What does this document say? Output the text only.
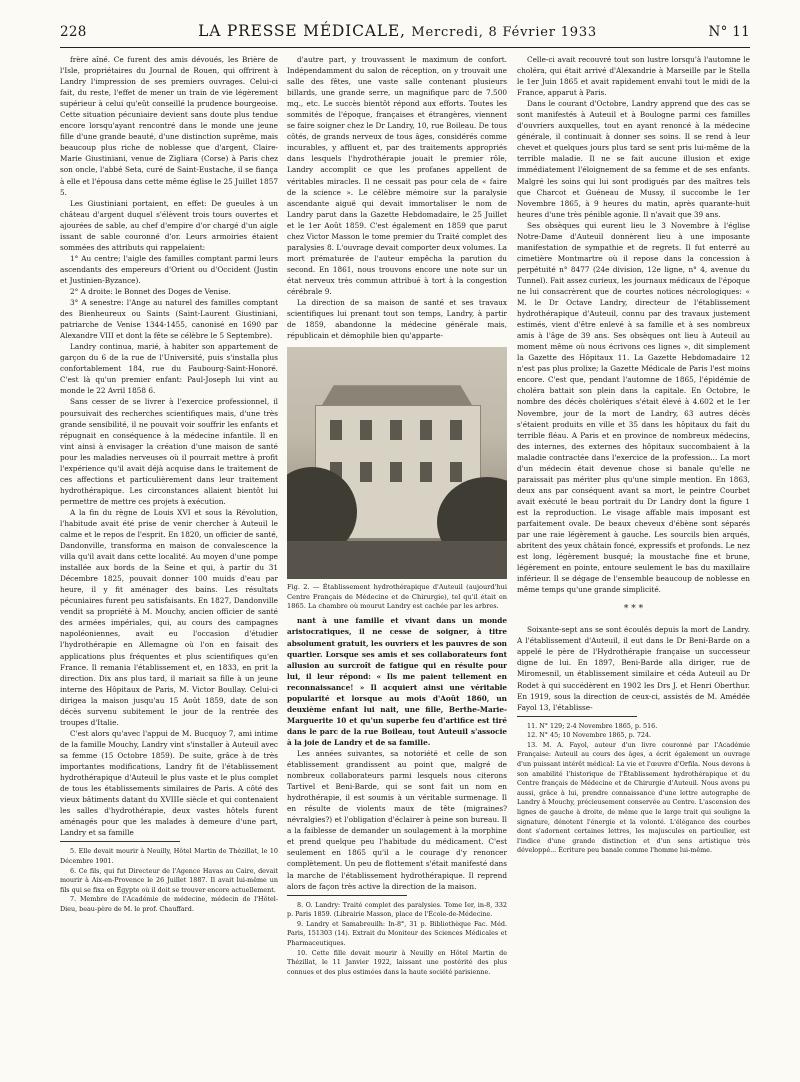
228	LA PRESSE MÉDICALE, Mercredi, 8 Février 1933	N° 11

frère aîné. Ce furent des amis dévoués, les Brière de l'Isle, propriétaires du Journal de Rouen, qui offrirent à Landry l'impression de ses premiers ouvrages. Celui-ci fait, du reste, l'effet de mener un train de vie légèrement supérieur à celui qu'eût conseillé la prudence bourgeoise. Cette situation pécuniaire devient sans doute plus tendue encore lorsqu'ayant rencontré dans le monde une jeune fille d'une grande beauté, d'une distinction suprême, mais beaucoup plus riche de noblesse que d'argent, Claire-Marie Giustiniani, venue de Zigliara (Corse) à Paris chez son oncle, l'abbé Seta, curé de Saint-Eustache, il se fiança à elle et l'épousa dans cette même église le 25 Juillet 1857 5.

Les Giustiniani portaient, en effet: De gueules à un château d'argent duquel s'élèvent trois tours ouvertes et ajourées de sable, au chef d'empire d'or chargé d'un aigle issant de sable couronné d'or. Leurs armoiries étaient sommées des attributs qui rappelaient:

1° Au centre; l'aigle des familles comptant parmi leurs ascendants des empereurs d'Orient ou d'Occident (Justin et Justinien-Byzance).

2° A droite: le Bonnet des Doges de Venise.

3° A senestre: l'Ange au naturel des familles comptant des Bienheureux ou Saints (Saint-Laurent Giustiniani, patriarche de Venise 1344-1455, canonisé en 1690 par Alexandre VIII et dont la fête se célèbre le 5 Septembre).

Landry continua, marié, à habiter son appartement de garçon du 6 de la rue de l'Université, puis s'installa plus confortablement 184, rue du Faubourg-Saint-Honoré. C'est là qu'un premier enfant: Paul-Joseph lui vint au monde le 22 Avril 1858 6.

Sans cesser de se livrer à l'exercice professionnel, il poursuivait des recherches scientifiques mais, d'une très grande sensibilité, il ne pouvait voir souffrir les enfants et répugnait en conséquence à la médecine infantile. Il en vint ainsi à envisager la création d'une maison de santé pour les maladies nerveuses où il pourrait mettre à profit l'expérience qu'il avait déjà acquise dans le traitement de ces affections et particulièrement dans leur traitement hydrothérapique. Les circonstances allaient bientôt lui permettre de mettre ces projets à exécution.

A la fin du règne de Louis XVI et sous la Révolution, l'habitude avait été prise de venir chercher à Auteuil le calme et le repos de l'esprit. En 1820, un officier de santé, Dandonville, transforma en maison de convalescence la villa qu'il avait dans cette localité. Au moyen d'une pompe installée aux bords de la Seine et qui, à partir du 31 Décembre 1825, pouvait donner 100 muids d'eau par heure, il y fit aménager des bains. Les résultats pécuniaires furent peu satisfaisants. En 1827, Dandonville vendit sa propriété à M. Mouchy, ancien officier de santé des armées impériales, qui, au cours des campagnes napoléoniennes, avait eu l'occasion d'étudier l'hydrothérapie en Allemagne où l'on en faisait des applications plus fréquentes et plus scientifiques qu'en France. Il remania l'établissement et, en 1833, en prit la direction. Dix ans plus tard, il mariait sa fille à un jeune interne des Hôpitaux de Paris, M. Victor Boullay. Celui-ci dirigea la maison jusqu'au 15 Août 1859, date de son décès survenu subitement le jour de la rentrée des troupes d'Italie.

C'est alors qu'avec l'appui de M. Bucquoy 7, ami intime de la famille Mouchy, Landry vint s'installer à Auteuil avec sa femme (15 Octobre 1859). De suite, grâce à de très importantes modifications, Landry fit de l'établissement hydrothérapique d'Auteuil le plus vaste et le plus complet de tous les établissements similaires de Paris. A côté des vieux bâtiments datant du XVIIIe siècle et qui contenaient les salles d'hydrothérapie, deux vastes hôtels furent aménagés pour que les malades à demeure d'une part, Landry et sa famille

5. Elle devait mourir à Neuilly, Hôtel Martin de Thézillat, le 10 Décembre 1901.

6. Ce fils, qui fut Directeur de l'Agence Havas au Caire, devait mourir à Aix-en-Provence le 26 Juillet 1887. Il avait lui-même un fils qui se fixa en Égypte où il doit se trouver encore actuellement.

7. Membre de l'Académie de médecine, médecin de l'Hôtel-Dieu, beau-père de M. le prof. Chauffard.

d'autre part, y trouvassent le maximum de confort. Indépendamment du salon de réception, on y trouvait une salle des fêtes, une vaste salle contenant plusieurs billards, une grande serre, un magnifique parc de 7.500 mq., etc. Le succès bientôt répond aux efforts. Toutes les sommités de l'époque, françaises et étrangères, viennent se faire soigner chez le Dr Landry, 10, rue Boileau. De tous côtés, de grands nerveux de tous âges, considérés comme incurables, y affluent et, par des traitements appropriés dans lesquels l'hydrothérapie jouait le premier rôle, Landry accomplit ce que les profanes appellent de véritables miracles. Il ne cessait pas pour cela de « faire de la science ». Le célèbre mémoire sur la paralysie ascendante aiguë qui devait immortaliser le nom de Landry parut dans la Gazette Hebdomadaire, le 25 Juillet et le 1er Août 1859. C'est également en 1859 que parut chez Victor Masson le tome premier du Traité complet des paralysies 8. L'ouvrage devait comporter deux volumes. La mort prématurée de l'auteur empêcha la parution du second. En 1861, nous trouvons encore une note sur un état nerveux très commun attribué à tort à la congestion cérébrale 9.

La direction de sa maison de santé et ses travaux scientifiques lui prenant tout son temps, Landry, à partir de 1859, abandonne la médecine générale mais, républicain et démophile bien qu'apparte-

Fig. 2. — Établissement hydrothérapique d'Auteuil (aujourd'hui Centre Français de Médecine et de Chirurgie), tel qu'il était en 1865. La chambre où mourut Landry est cachée par les arbres.

nant à une famille et vivant dans un monde aristocratiques, il ne cesse de soigner, à titre absolument gratuit, les ouvriers et les pauvres de son quartier. Lorsque ses amis et ses collaborateurs font allusion au surcroît de fatigue qui en résulte pour lui, il leur répond: « Ils me paient tellement en reconnaissance! » Il acquiert ainsi une véritable popularité et lorsque au mois d'Août 1860, un deuxième enfant lui nait, une fille, Berthe-Marie-Marguerite 10 et qu'un superbe feu d'artifice est tiré dans le parc de la rue Boileau, tout Auteuil s'associe à la joie de Landry et de sa famille.

Les années suivantes, sa notoriété et celle de son établissement grandissent au point que, malgré de nombreux collaborateurs parmi lesquels nous citerons Tartivel et Beni-Barde, qui se sont fait un nom en hydrothérapie, il est soumis à un véritable surmenage. Il en résulte de violents maux de tête (migraines? névralgies?) et l'obligation d'éclairer à peine son bureau. Il a la faiblesse de demander un soulagement à la morphine et prend quelque peu l'habitude du médicament. C'est seulement en 1865 qu'il a le courage d'y renoncer complètement. Un peu de flottement s'était manifesté dans la marche de l'établissement hydrothérapique. Il reprend alors de façon très active la direction de la maison.

8. O. Landry: Traité complet des paralysies. Tome Ier, in-8, 332 p. Paris 1859. (Librairie Masson, place de l'École-de-Médecine.

9. Landry et Samabreuilh: In-8°, 31 p. Bibliothèque Fac. Méd. Paris, 151303 (14). Extrait du Moniteur des Sciences Médicales et Pharmaceutiques.

10. Cette fille devait mourir à Neuilly en Hôtel Martin de Thézillat, le 11 Janvier 1922, laissant une postérité des plus connues et des plus estimées dans la haute société parisienne.

Celle-ci avait recouvré tout son lustre lorsqu'à l'automne le choléra, qui était arrivé d'Alexandrie à Marseille par le Stella le 1er Juin 1865 et avait rapidement envahi tout le midi de la France, apparut à Paris.

Dans le courant d'Octobre, Landry apprend que des cas se sont manifestés à Auteuil et à Boulogne parmi ces familles d'ouvriers auxquelles, tout en ayant renoncé à la médecine générale, il continuait à donner ses soins. Il se rend à leur chevet et quelques jours plus tard se sent pris lui-même de la terrible maladie. Il ne se fait aucune illusion et exige immédiatement l'éloignement de sa femme et de ses enfants. Malgré les soins qui lui sont prodigués par des maîtres tels que Charcot et Guéneau de Mussy, il succombe le 1er Novembre 1865, à 9 heures du matin, après quarante-huit heures d'une très pénible agonie. Il n'avait que 39 ans.

Ses obsèques qui eurent lieu le 3 Novembre à l'église Notre-Dame d'Auteuil donnèrent lieu à une imposante manifestation de sympathie et de regrets. Il fut enterré au cimetière Montmartre où il repose dans la concession à perpétuité n° 8477 (24e division, 12e ligne, n° 4, avenue du Tunnel). Fait assez curieux, les journaux médicaux de l'époque ne lui consacrèrent que de courtes notices nécrologiques: « M. le Dr Octave Landry, directeur de l'établissement hydrothérapique d'Auteuil, connu par des travaux justement estimés, vient d'être enlevé à sa famille et à ses nombreux amis à l'âge de 39 ans. Ses obsèques ont lieu à Auteuil au moment même où nous écrivons ces lignes », dit simplement la Gazette des Hôpitaux 11. La Gazette Hebdomadaire 12 n'est pas plus prolixe; la Gazette Médicale de Paris l'est moins encore. C'est que, pendant l'automne de 1865, l'épidémie de choléra battait son plein dans la capitale. En Octobre, le nombre des décès cholériques s'était élevé à 4.602 et le 1er Novembre, jour de la mort de Landry, 63 autres décès s'étaient produits en ville et 35 dans les hôpitaux du fait du terrible fléau. A Paris et en province de nombreux médecins, des internes, des externes des hôpitaux succombaient à la maladie contractée dans l'exercice de la profession... La mort d'un médecin était devenue chose si banale qu'elle ne paraissait pas mériter plus qu'une simple mention. En 1863, deux ans par conséquent avant sa mort, le peintre Courbet avait exécuté le beau portrait du Dr Landry dont la figure 1 est la reproduction. Le visage affable mais imposant est parfaitement ovale. De beaux cheveux d'ébène sont séparés par une raie légèrement à gauche. Les sourcils bien arqués, abritent des yeux châtain foncé, expressifs et profonds. Le nez est long, légèrement busqué; la moustache fine et brune, légèrement en pointe, entoure seulement le bas du maxillaire inférieur. Il se dégage de l'ensemble beaucoup de noblesse en même temps qu'une grande simplicité.

* * *

Soixante-sept ans se sont écoulés depuis la mort de Landry. A l'établissement d'Auteuil, il eut dans le Dr Beni-Barde on a appelé le père de l'Hydrothérapie française un successeur digne de lui. En 1897, Beni-Barde alla diriger, rue de Miromesnil, un établissement similaire et céda Auteuil au Dr Rodet à qui succédèrent en 1902 les Drs J. et Henri Oberthur. En 1919, sous la direction de ceux-ci, assistés de M. Amédée Fayol 13, l'établisse-

11. N° 129; 2-4 Novembre 1865, p. 516.

12. N° 45; 10 Novembre 1865, p. 724.

13. M. A. Fayol, auteur d'un livre couronné par l'Académie Française: Auteuil au cours des âges, a écrit également un ouvrage d'un puissant intérêt médical: La vie et l'œuvre d'Orfila. Nous devons à son amabilité l'historique de l'Établissement hydrothérapique et du Centre français de Médecine et de Chirurgie d'Auteuil. Nous avons pu aussi, grâce à lui, prendre connaissance d'une lettre autographe de Landry à Mouchy, précieusement conservée au Centre. L'ascension des lignes de gauche à droite, de même que le large trait qui souligne la signature, dénotent l'énergie et la volonté. L'élégance des courbes dont s'adornent certaines lettres, les majuscules en particulier, est l'indice d'une grande distinction et d'un sens artistique très développé... Écriture peu banale comme l'homme lui-même.
